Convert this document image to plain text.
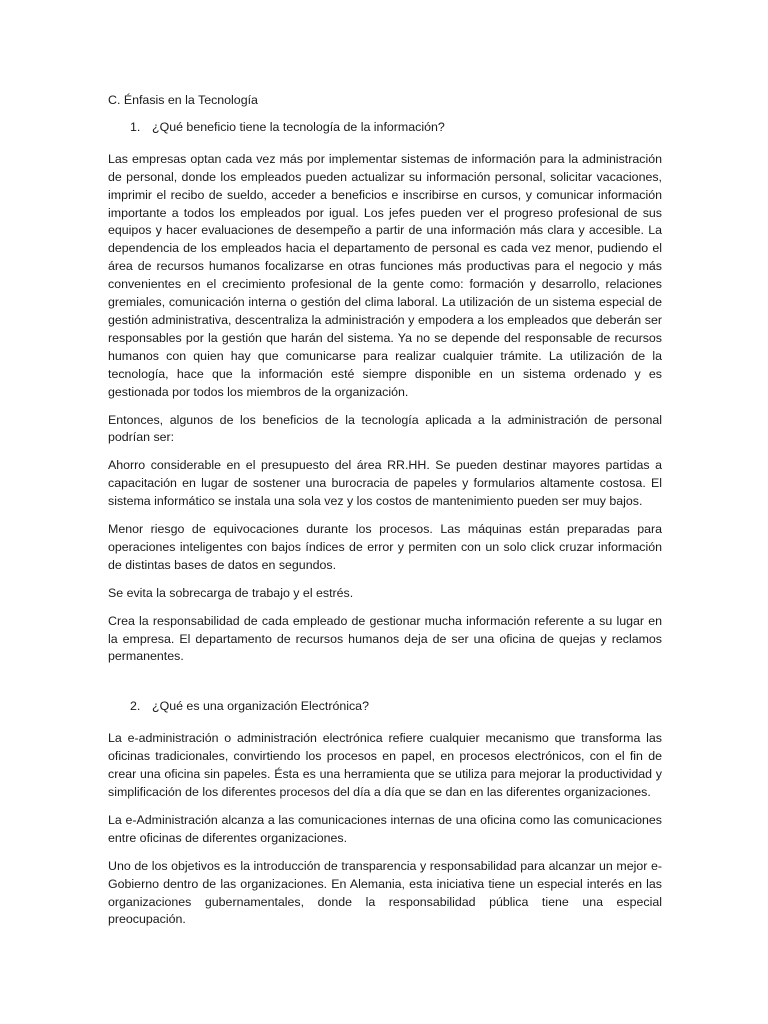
C. Énfasis en la Tecnología
1. ¿Qué beneficio tiene la tecnología de la información?

Las empresas optan cada vez más por implementar sistemas de información para la administración de personal, donde los empleados pueden actualizar su información personal, solicitar vacaciones, imprimir el recibo de sueldo, acceder a beneficios e inscribirse en cursos, y comunicar información importante a todos los empleados por igual. Los jefes pueden ver el progreso profesional de sus equipos y hacer evaluaciones de desempeño a partir de una información más clara y accesible. La dependencia de los empleados hacia el departamento de personal es cada vez menor, pudiendo el área de recursos humanos focalizarse en otras funciones más productivas para el negocio y más convenientes en el crecimiento profesional de la gente como: formación y desarrollo, relaciones gremiales, comunicación interna o gestión del clima laboral. La utilización de un sistema especial de gestión administrativa, descentraliza la administración y empodera a los empleados que deberán ser responsables por la gestión que harán del sistema. Ya no se depende del responsable de recursos humanos con quien hay que comunicarse para realizar cualquier trámite. La utilización de la tecnología, hace que la información esté siempre disponible en un sistema ordenado y es gestionada por todos los miembros de la organización.

Entonces, algunos de los beneficios de la tecnología aplicada a la administración de personal podrían ser:

Ahorro considerable en el presupuesto del área RR.HH. Se pueden destinar mayores partidas a capacitación en lugar de sostener una burocracia de papeles y formularios altamente costosa. El sistema informático se instala una sola vez y los costos de mantenimiento pueden ser muy bajos.

Menor riesgo de equivocaciones durante los procesos. Las máquinas están preparadas para operaciones inteligentes con bajos índices de error y permiten con un solo click cruzar información de distintas bases de datos en segundos.

Se evita la sobrecarga de trabajo y el estrés.

Crea la responsabilidad de cada empleado de gestionar mucha información referente a su lugar en la empresa. El departamento de recursos humanos deja de ser una oficina de quejas y reclamos permanentes.

2. ¿Qué es una organización Electrónica?

La e-administración o administración electrónica refiere cualquier mecanismo que transforma las oficinas tradicionales, convirtiendo los procesos en papel, en procesos electrónicos, con el fin de crear una oficina sin papeles. Ésta es una herramienta que se utiliza para mejorar la productividad y simplificación de los diferentes procesos del día a día que se dan en las diferentes organizaciones.

La e-Administración alcanza a las comunicaciones internas de una oficina como las comunicaciones entre oficinas de diferentes organizaciones.

Uno de los objetivos es la introducción de transparencia y responsabilidad para alcanzar un mejor e-Gobierno dentro de las organizaciones. En Alemania, esta iniciativa tiene un especial interés en las organizaciones gubernamentales, donde la responsabilidad pública tiene una especial preocupación.
